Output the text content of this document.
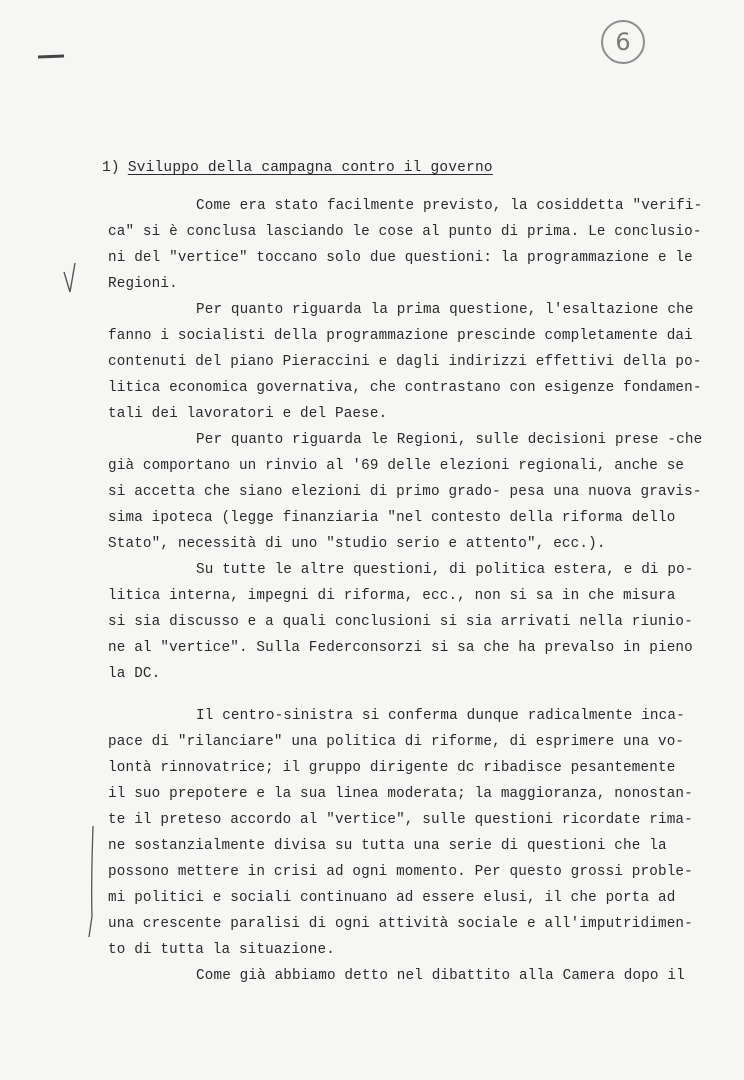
6
1) Sviluppo della campagna contro il governo
Come era stato facilmente previsto, la cosiddetta "verifi-
ca" si è conclusa lasciando le cose al punto di prima. Le conclusio-
ni del "vertice" toccano solo due questioni: la programmazione e le
Regioni.
Per quanto riguarda la prima questione, l'esaltazione che
fanno i socialisti della programmazione prescinde completamente dai
contenuti del piano Pieraccini e dagli indirizzi effettivi della po-
litica economica governativa, che contrastano con esigenze fondamen-
tali dei lavoratori e del Paese.
Per quanto riguarda le Regioni, sulle decisioni prese -che
già comportano un rinvio al '69 delle elezioni regionali, anche se
si accetta che siano elezioni di primo grado- pesa una nuova gravis-
sima ipoteca (legge finanziaria "nel contesto della riforma dello
Stato", necessità di uno "studio serio e attento", ecc.).
Su tutte le altre questioni, di politica estera, e di po-
litica interna, impegni di riforma, ecc., non si sa in che misura
si sia discusso e a quali conclusioni si sia arrivati nella riunio-
ne al "vertice". Sulla Federconsorzi si sa che ha prevalso in pieno
la DC.
Il centro-sinistra si conferma dunque radicalmente inca-
pace di "rilanciare" una politica di riforme, di esprimere una vo-
lontà rinnovatrice; il gruppo dirigente dc ribadisce pesantemente
il suo prepotere e la sua linea moderata; la maggioranza, nonostan-
te il preteso accordo al "vertice", sulle questioni ricordate rima-
ne sostanzialmente divisa su tutta una serie di questioni che la
possono mettere in crisi ad ogni momento. Per questo grossi proble-
mi politici e sociali continuano ad essere elusi, il che porta ad
una crescente paralisi di ogni attività sociale e all'imputridimen-
to di tutta la situazione.
Come già abbiamo detto nel dibattito alla Camera dopo il
